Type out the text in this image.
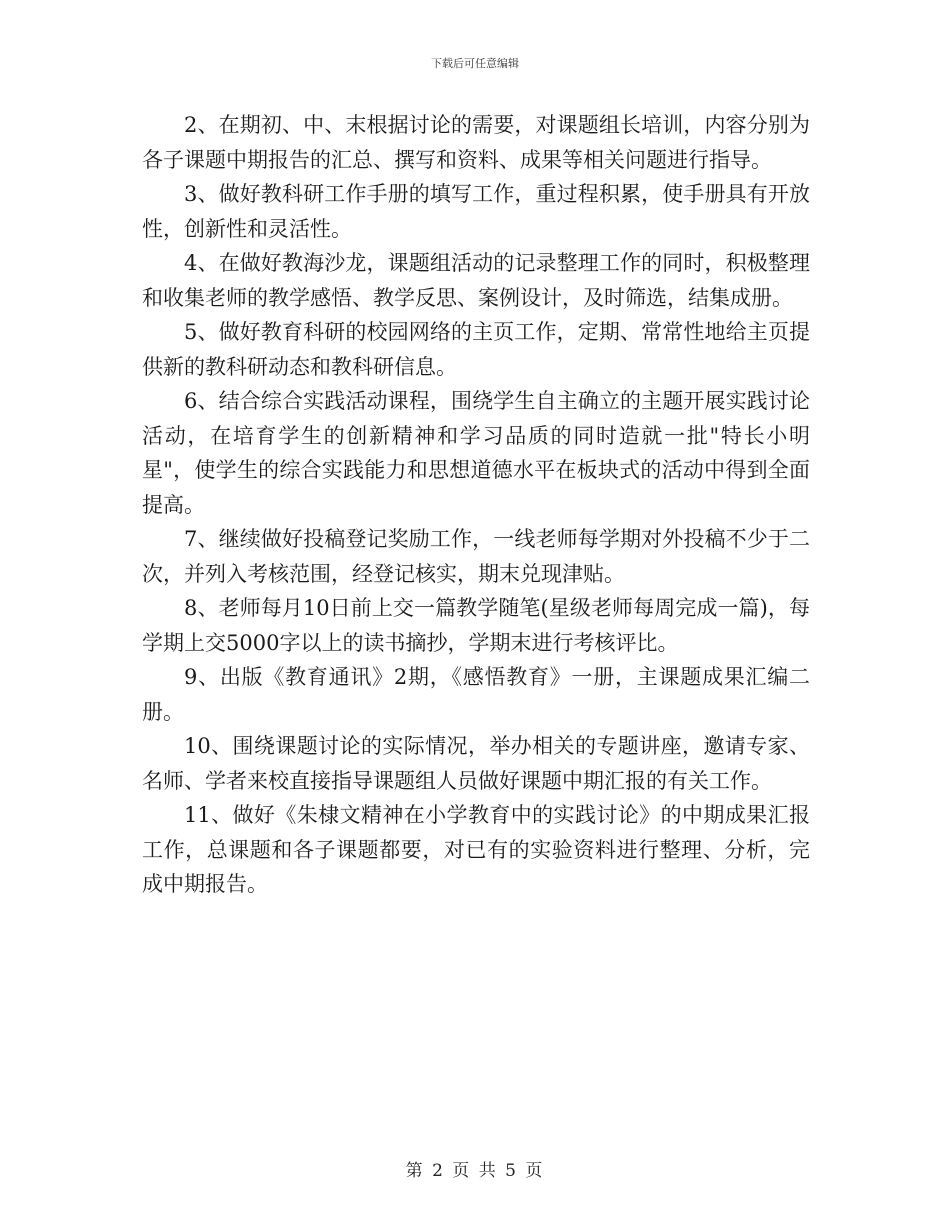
下载后可任意编辑

2、在期初、中、末根据讨论的需要，对课题组长培训，内容分别为各子课题中期报告的汇总、撰写和资料、成果等相关问题进行指导。

3、做好教科研工作手册的填写工作，重过程积累，使手册具有开放性，创新性和灵活性。

4、在做好教海沙龙，课题组活动的记录整理工作的同时，积极整理和收集老师的教学感悟、教学反思、案例设计，及时筛选，结集成册。

5、做好教育科研的校园网络的主页工作，定期、常常性地给主页提供新的教科研动态和教科研信息。

6、结合综合实践活动课程，围绕学生自主确立的主题开展实践讨论活动，在培育学生的创新精神和学习品质的同时造就一批"特长小明星"，使学生的综合实践能力和思想道德水平在板块式的活动中得到全面提高。

7、继续做好投稿登记奖励工作，一线老师每学期对外投稿不少于二次，并列入考核范围，经登记核实，期末兑现津贴。

8、老师每月10日前上交一篇教学随笔(星级老师每周完成一篇)，每学期上交5000字以上的读书摘抄，学期末进行考核评比。

9、出版《教育通讯》2期，《感悟教育》一册，主课题成果汇编二册。

10、围绕课题讨论的实际情况，举办相关的专题讲座，邀请专家、名师、学者来校直接指导课题组人员做好课题中期汇报的有关工作。

11、做好《朱棣文精神在小学教育中的实践讨论》的中期成果汇报工作，总课题和各子课题都要，对已有的实验资料进行整理、分析，完成中期报告。

第 2 页 共 5 页
